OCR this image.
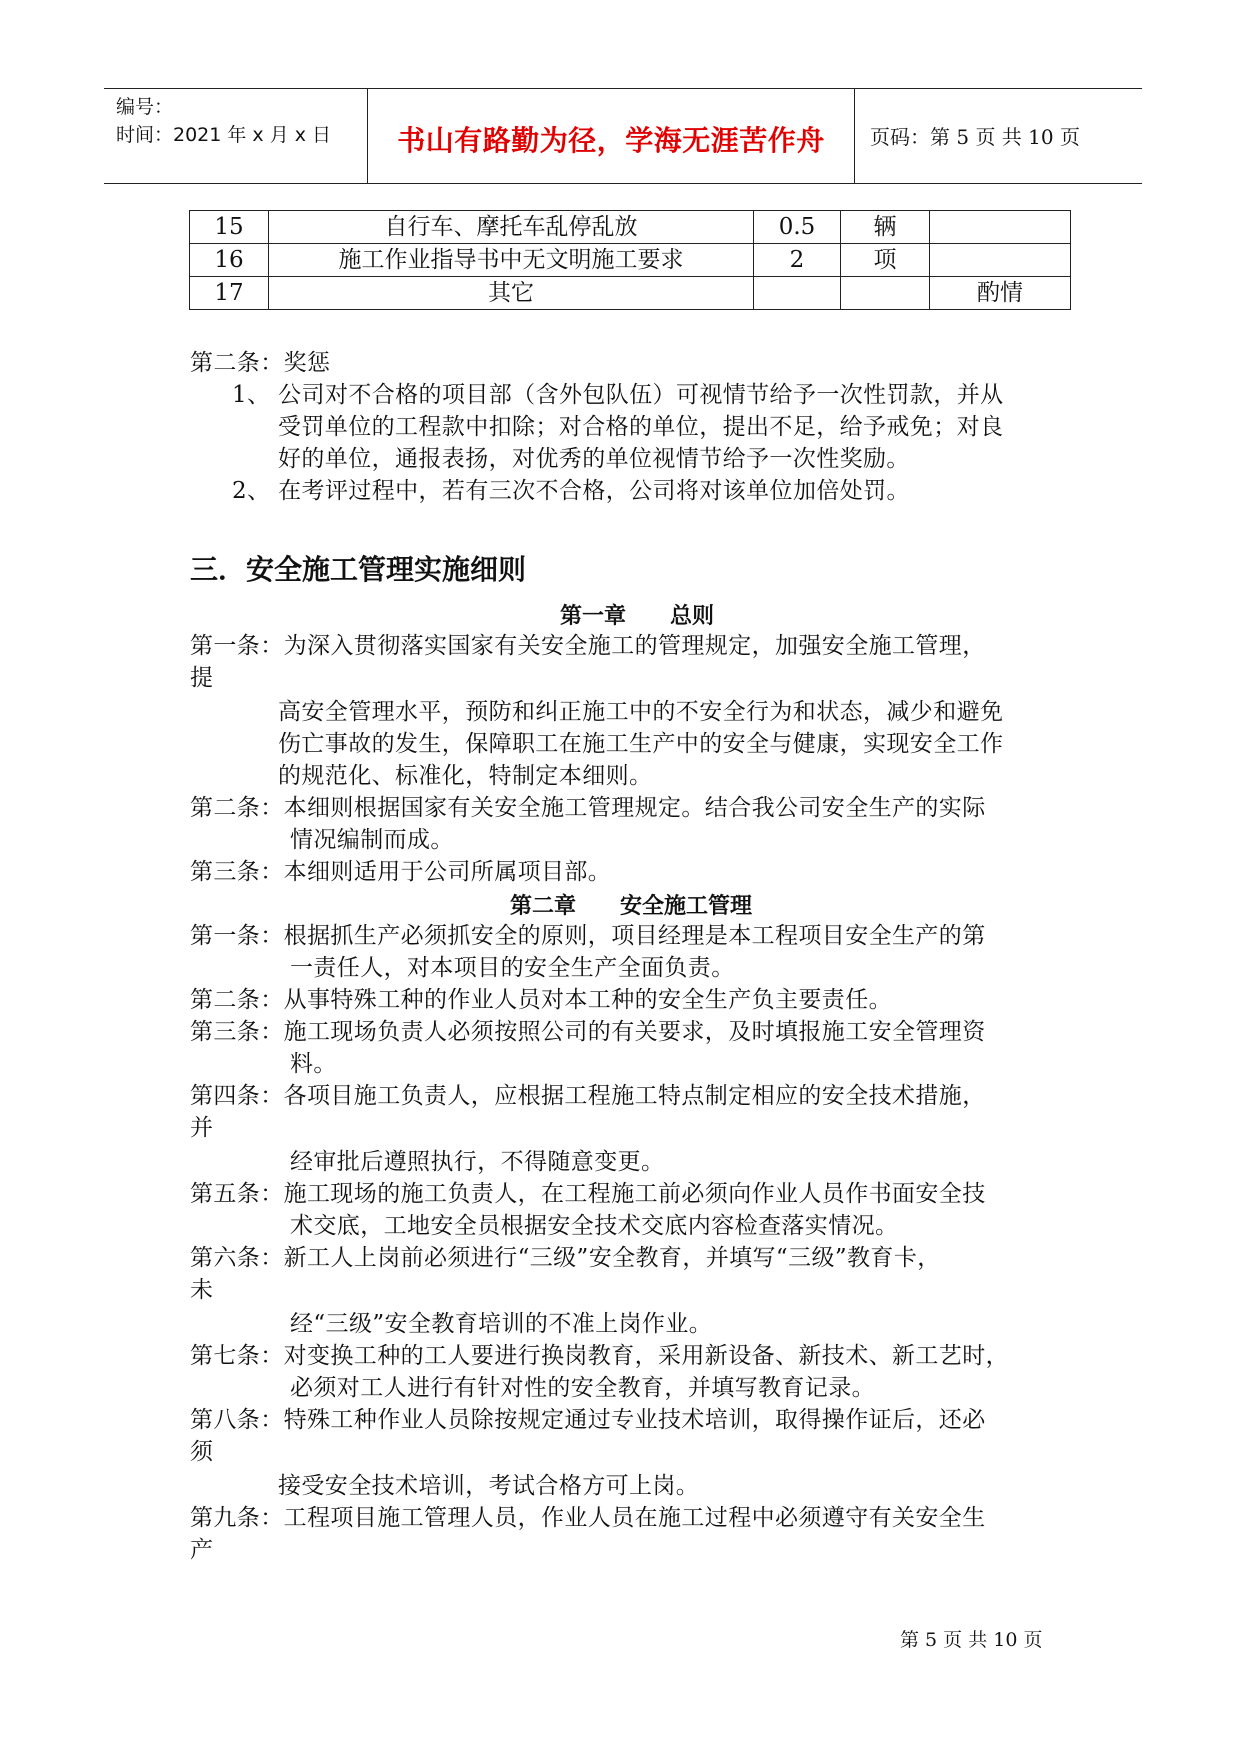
编号：
时间：2021 年 x 月 x 日	书山有路勤为径，学海无涯苦作舟	页码：第 5 页 共 10 页
15	自行车、摩托车乱停乱放	0.5	辆	
16	施工作业指导书中无文明施工要求	2	项	
17	其它			酌情
第二条：奖惩
1、 公司对不合格的项目部（含外包队伍）可视情节给予一次性罚款，并从
受罚单位的工程款中扣除；对合格的单位，提出不足，给予戒免；对良
好的单位，通报表扬，对优秀的单位视情节给予一次性奖励。
2、 在考评过程中，若有三次不合格，公司将对该单位加倍处罚。
三．安全施工管理实施细则
第一章　　总则
第一条：为深入贯彻落实国家有关安全施工的管理规定，加强安全施工管理，
提
高安全管理水平，预防和纠正施工中的不安全行为和状态，减少和避免
伤亡事故的发生，保障职工在施工生产中的安全与健康，实现安全工作
的规范化、标准化，特制定本细则。
第二条：本细则根据国家有关安全施工管理规定。结合我公司安全生产的实际
情况编制而成。
第三条：本细则适用于公司所属项目部。
第二章　　安全施工管理
第一条：根据抓生产必须抓安全的原则，项目经理是本工程项目安全生产的第
一责任人，对本项目的安全生产全面负责。
第二条：从事特殊工种的作业人员对本工种的安全生产负主要责任。
第三条：施工现场负责人必须按照公司的有关要求，及时填报施工安全管理资
料。
第四条：各项目施工负责人，应根据工程施工特点制定相应的安全技术措施，
并
经审批后遵照执行，不得随意变更。
第五条：施工现场的施工负责人，在工程施工前必须向作业人员作书面安全技
术交底，工地安全员根据安全技术交底内容检查落实情况。
第六条：新工人上岗前必须进行“三级”安全教育，并填写“三级”教育卡，
未
经“三级”安全教育培训的不准上岗作业。
第七条：对变换工种的工人要进行换岗教育，采用新设备、新技术、新工艺时，
必须对工人进行有针对性的安全教育，并填写教育记录。
第八条：特殊工种作业人员除按规定通过专业技术培训，取得操作证后，还必
须
接受安全技术培训，考试合格方可上岗。
第九条：工程项目施工管理人员，作业人员在施工过程中必须遵守有关安全生
产
第 5 页 共 10 页
